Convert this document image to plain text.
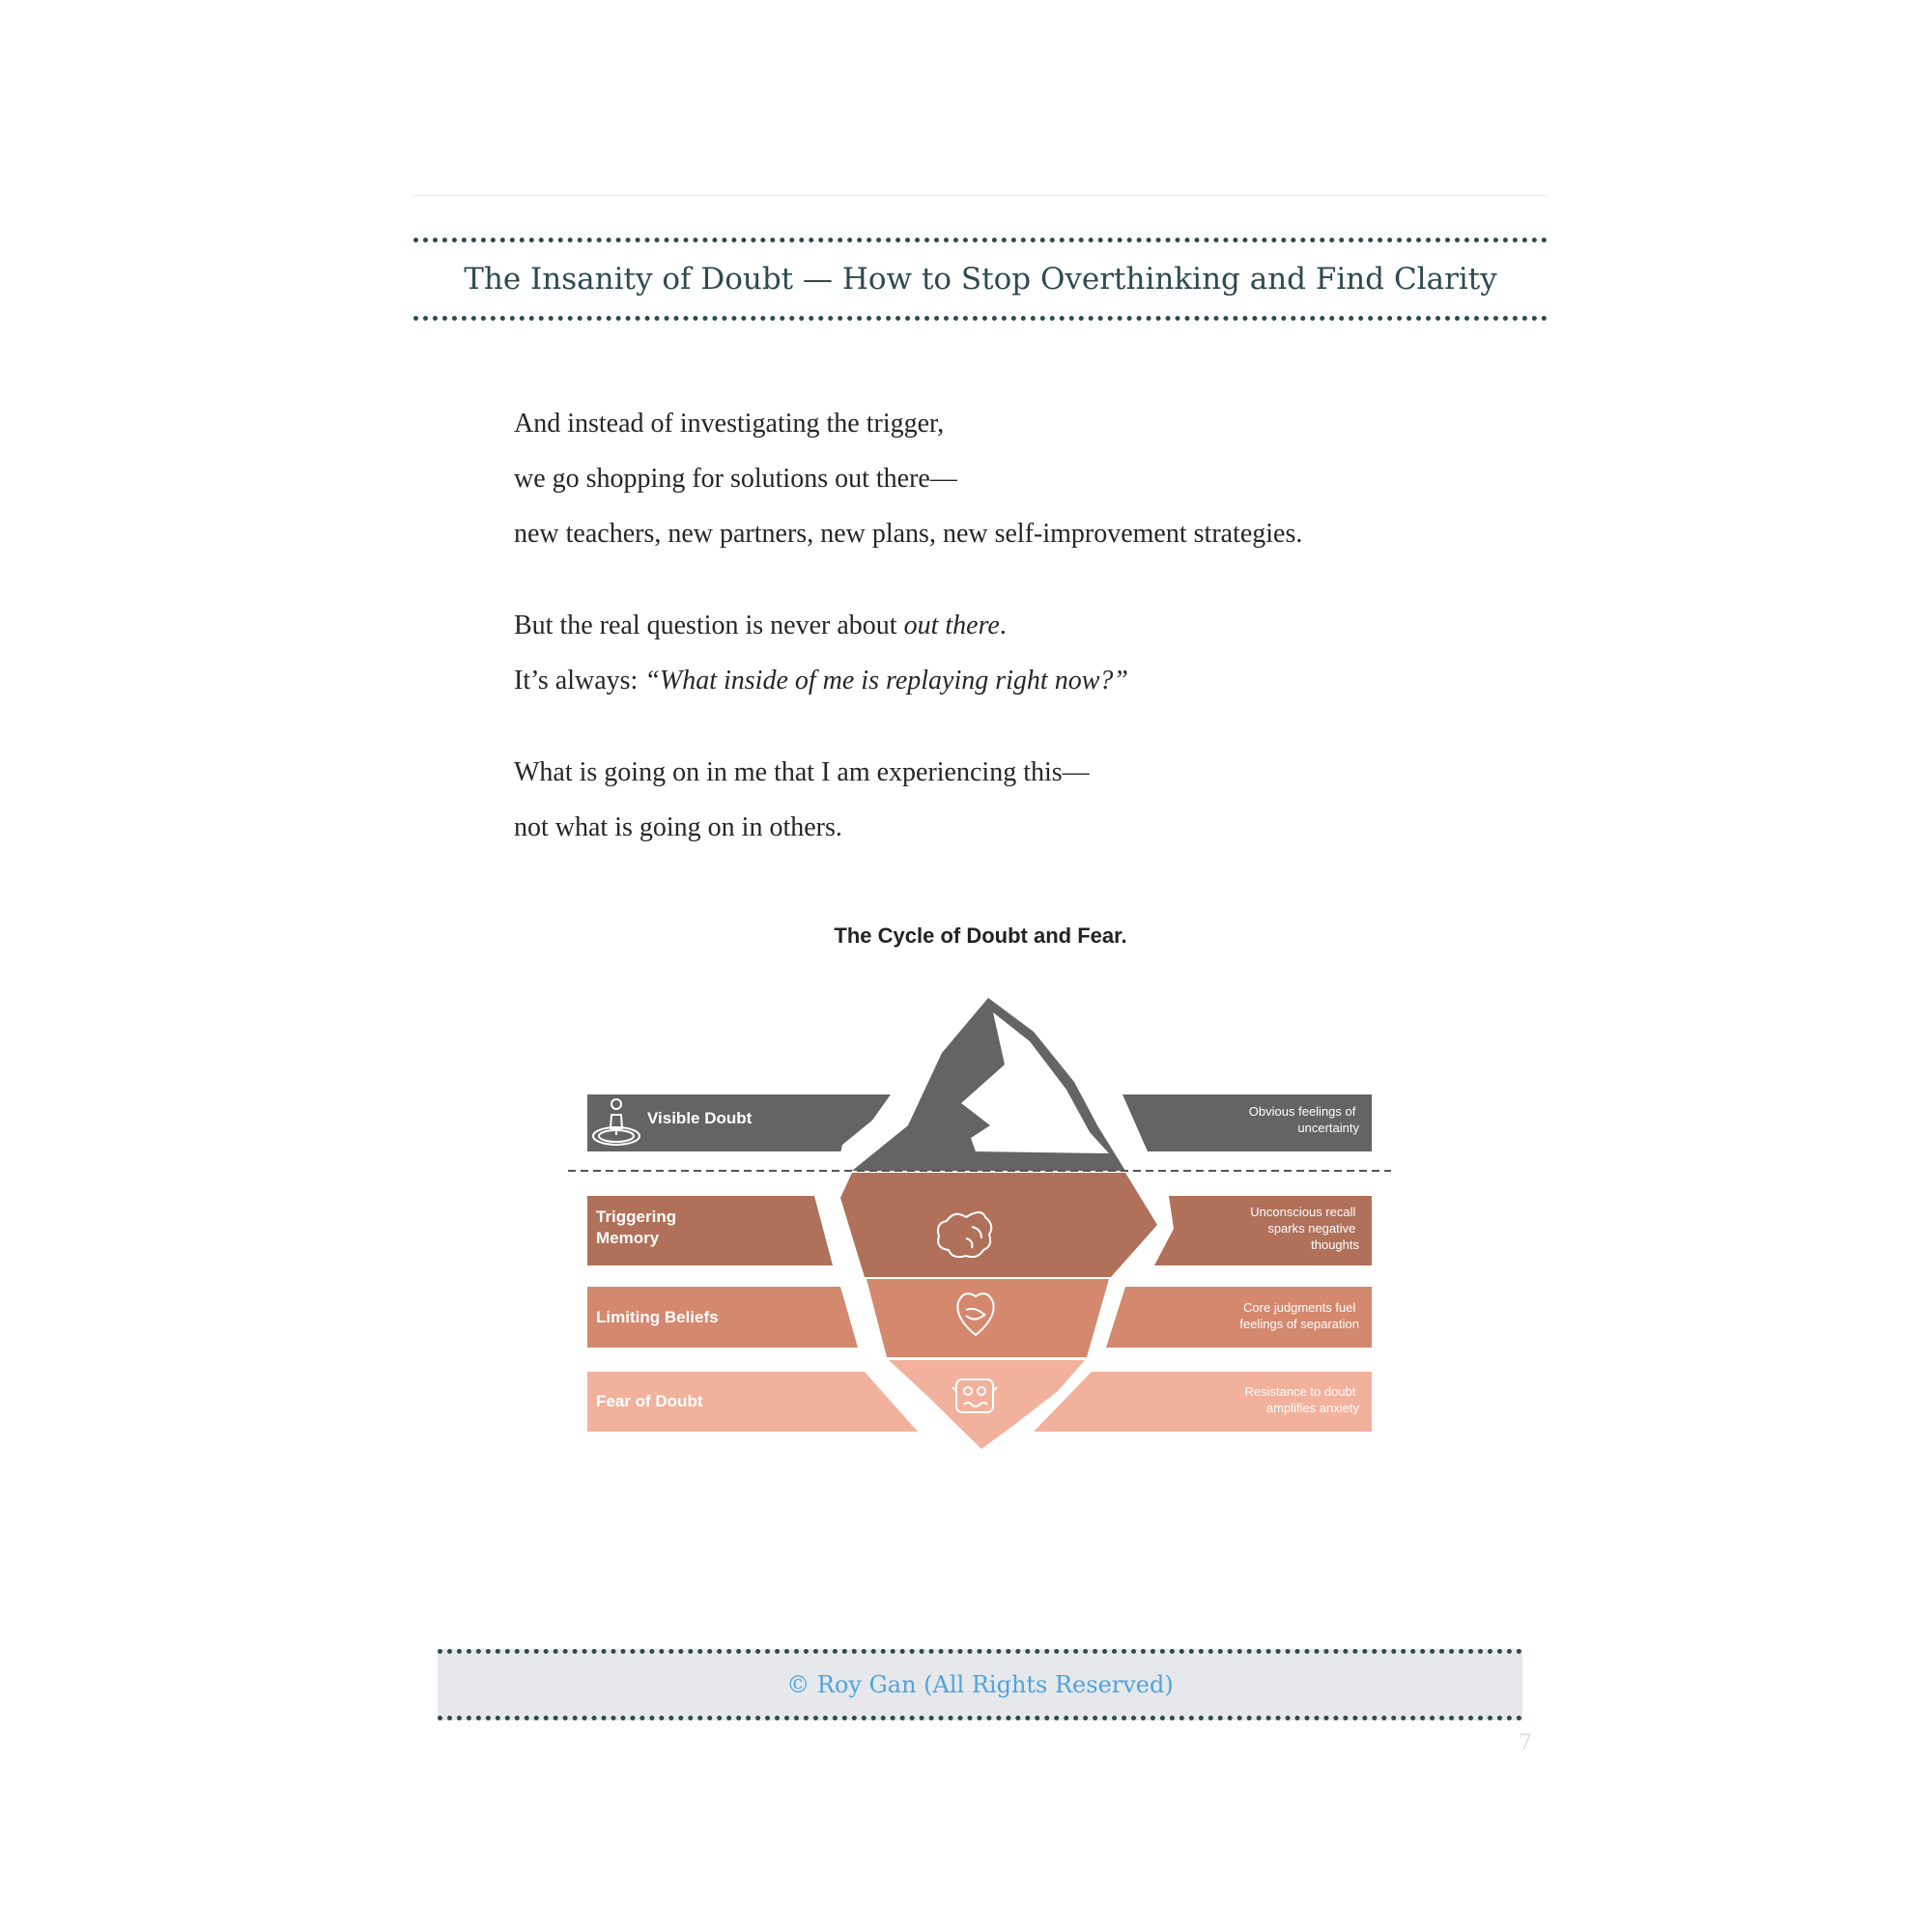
The Insanity of Doubt — How to Stop Overthinking and Find Clarity
And instead of investigating the trigger,
we go shopping for solutions out there—
new teachers, new partners, new plans, new self-improvement strategies.
But the real question is never about out there.
It’s always: “What inside of me is replaying right now?”
What is going on in me that I am experiencing this—
not what is going on in others.
The Cycle of Doubt and Fear.
Visible Doubt
Triggering Memory
Limiting Beliefs
Fear of Doubt
Obvious feelings of uncertainty
Unconscious recall sparks negative thoughts
Core judgments fuel feelings of separation
Resistance to doubt amplifies anxiety
© Roy Gan (All Rights Reserved)
7
